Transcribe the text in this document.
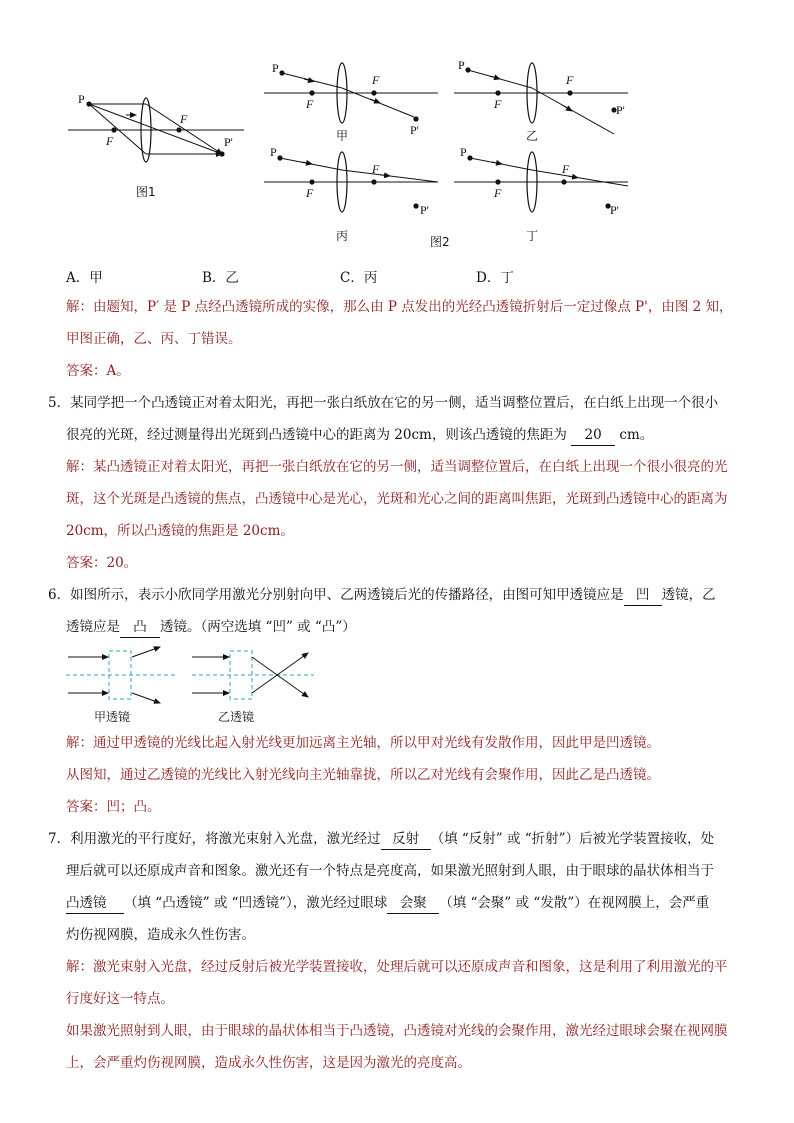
P
F
F
P'
图1
P
F
F
P'
甲
P
F
F
P'
乙
P
F
F
P'
丙
P
F
F
P'
丁
图2
A．甲	B．乙	C．丙	D．丁
解：由题知，P′ 是 P 点经凸透镜所成的实像，那么由 P 点发出的光经凸透镜折射后一定过像点 P'，由图 2 知，
甲图正确，乙、丙、丁错误。
答案：A。
5．某同学把一个凸透镜正对着太阳光，再把一张白纸放在它的另一侧，适当调整位置后，在白纸上出现一个很小
很亮的光斑，经过测量得出光斑到凸透镜中心的距离为 20cm，则该凸透镜的焦距为 20 cm。
解：某凸透镜正对着太阳光，再把一张白纸放在它的另一侧，适当调整位置后，在白纸上出现一个很小很亮的光
斑，这个光斑是凸透镜的焦点，凸透镜中心是光心，光斑和光心之间的距离叫焦距，光斑到凸透镜中心的距离为
20cm，所以凸透镜的焦距是 20cm。
答案：20。
6．如图所示，表示小欣同学用激光分别射向甲、乙两透镜后光的传播路径，由图可知甲透镜应是 凹 透镜，乙
透镜应是 凸 透镜。（两空选填 “凹” 或 “凸”）
甲透镜	乙透镜
解：通过甲透镜的光线比起入射光线更加远离主光轴，所以甲对光线有发散作用，因此甲是凹透镜。
从图知，通过乙透镜的光线比入射光线向主光轴靠拢，所以乙对光线有会聚作用，因此乙是凸透镜。
答案：凹；凸。
7．利用激光的平行度好，将激光束射入光盘，激光经过 反射 （填 “反射” 或 “折射”）后被光学装置接收，处
理后就可以还原成声音和图象。激光还有一个特点是亮度高，如果激光照射到人眼，由于眼球的晶状体相当于
凸透镜 （填 “凸透镜” 或 “凹透镜”），激光经过眼球 会聚 （填 “会聚” 或 “发散”）在视网膜上，会严重
灼伤视网膜，造成永久性伤害。
解：激光束射入光盘，经过反射后被光学装置接收，处理后就可以还原成声音和图象，这是利用了利用激光的平
行度好这一特点。
如果激光照射到人眼，由于眼球的晶状体相当于凸透镜，凸透镜对光线的会聚作用，激光经过眼球会聚在视网膜
上，会严重灼伤视网膜，造成永久性伤害，这是因为激光的亮度高。
